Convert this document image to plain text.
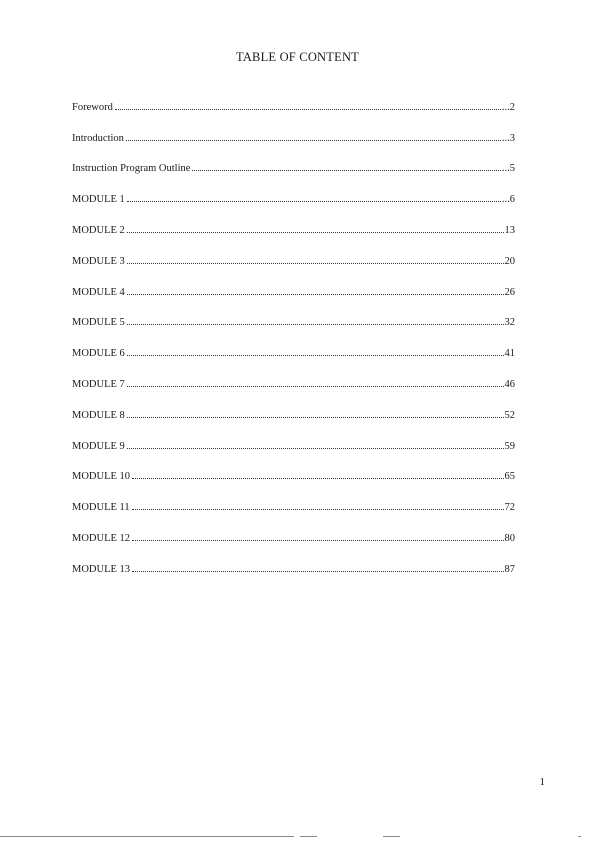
TABLE OF CONTENT
Foreword	...2
Introduction	...3
Instruction Program Outline	...5
MODULE 1	...6
MODULE 2	13
MODULE 3	20
MODULE 4	26
MODULE 5	32
MODULE 6	41
MODULE 7	46
MODULE 8	52
MODULE 9	59
MODULE 10	65
MODULE 11	72
MODULE 12	80
MODULE 13	87
1
